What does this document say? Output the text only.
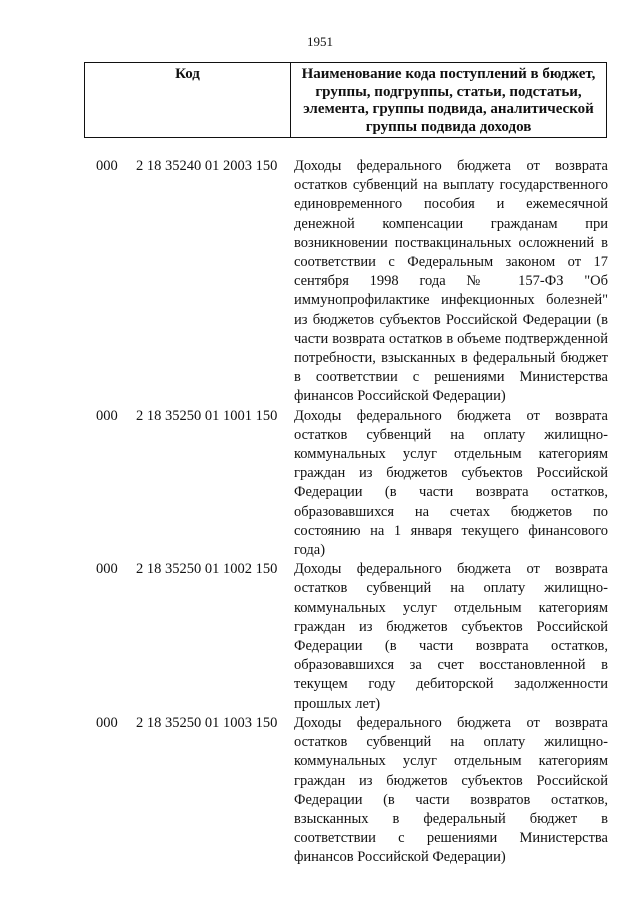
1951
Код	Наименование кода поступлений в бюджет, группы, подгруппы, статьи, подстатьи, элемента, группы подвида, аналитической группы подвида доходов
000	2 18 35240 01 2003 150	Доходы федерального бюджета от возврата остатков субвенций на выплату государственного единовременного пособия и ежемесячной денежной компенсации гражданам при возникновении поствакцинальных осложнений в соответствии с Федеральным законом от 17 сентября 1998 года № 157-ФЗ "Об иммунопрофилактике инфекционных болезней" из бюджетов субъектов Российской Федерации (в части возврата остатков в объеме подтвержденной потребности, взысканных в федеральный бюджет в соответствии с решениями Министерства финансов Российской Федерации)
000	2 18 35250 01 1001 150	Доходы федерального бюджета от возврата остатков субвенций на оплату жилищно-коммунальных услуг отдельным категориям граждан из бюджетов субъектов Российской Федерации (в части возврата остатков, образовавшихся на счетах бюджетов по состоянию на 1 января текущего финансового года)
000	2 18 35250 01 1002 150	Доходы федерального бюджета от возврата остатков субвенций на оплату жилищно-коммунальных услуг отдельным категориям граждан из бюджетов субъектов Российской Федерации (в части возврата остатков, образовавшихся за счет восстановленной в текущем году дебиторской задолженности прошлых лет)
000	2 18 35250 01 1003 150	Доходы федерального бюджета от возврата остатков субвенций на оплату жилищно-коммунальных услуг отдельным категориям граждан из бюджетов субъектов Российской Федерации (в части возвратов остатков, взысканных в федеральный бюджет в соответствии с решениями Министерства финансов Российской Федерации)
